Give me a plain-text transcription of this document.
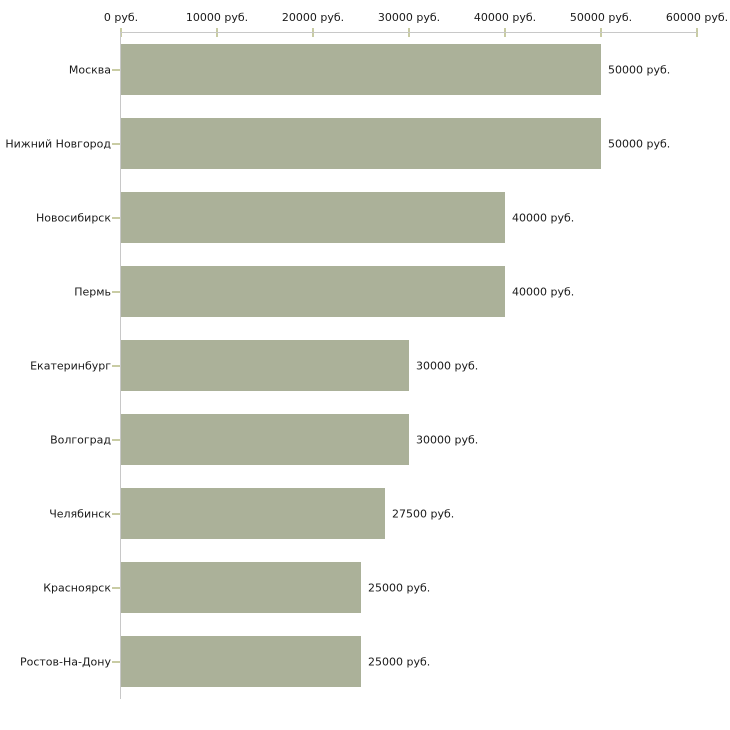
0 руб.	10000 руб.	20000 руб.	30000 руб.	40000 руб.	50000 руб.	60000 руб.
Москва	50000 руб.
Нижний Новгород	50000 руб.
Новосибирск	40000 руб.
Пермь	40000 руб.
Екатеринбург	30000 руб.
Волгоград	30000 руб.
Челябинск	27500 руб.
Красноярск	25000 руб.
Ростов-На-Дону	25000 руб.
